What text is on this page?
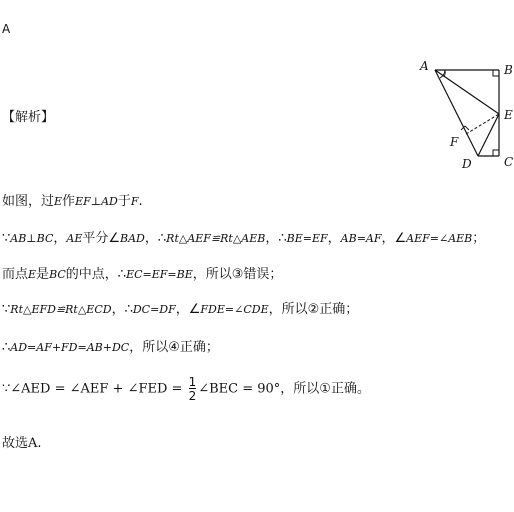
A
【解析】
A	B
C
D
E
F
如图，过E作EF⊥AD于F.
∵AB⊥BC，AE平分∠BAD，∴Rt△AEF≌Rt△AEB，∴BE=EF，AB=AF，∠AEF=∠AEB；
而点E是BC的中点，∴EC=EF=BE，所以③错误；
∵Rt△EFD≌Rt△ECD，∴DC=DF，∠FDE=∠CDE，所以②正确；
∴AD=AF+FD=AB+DC，所以④正确；
∵∠AED = ∠AEF + ∠FED = $\frac{1}{2}$ ∠BEC = 90°，所以①正确。
故选A.
